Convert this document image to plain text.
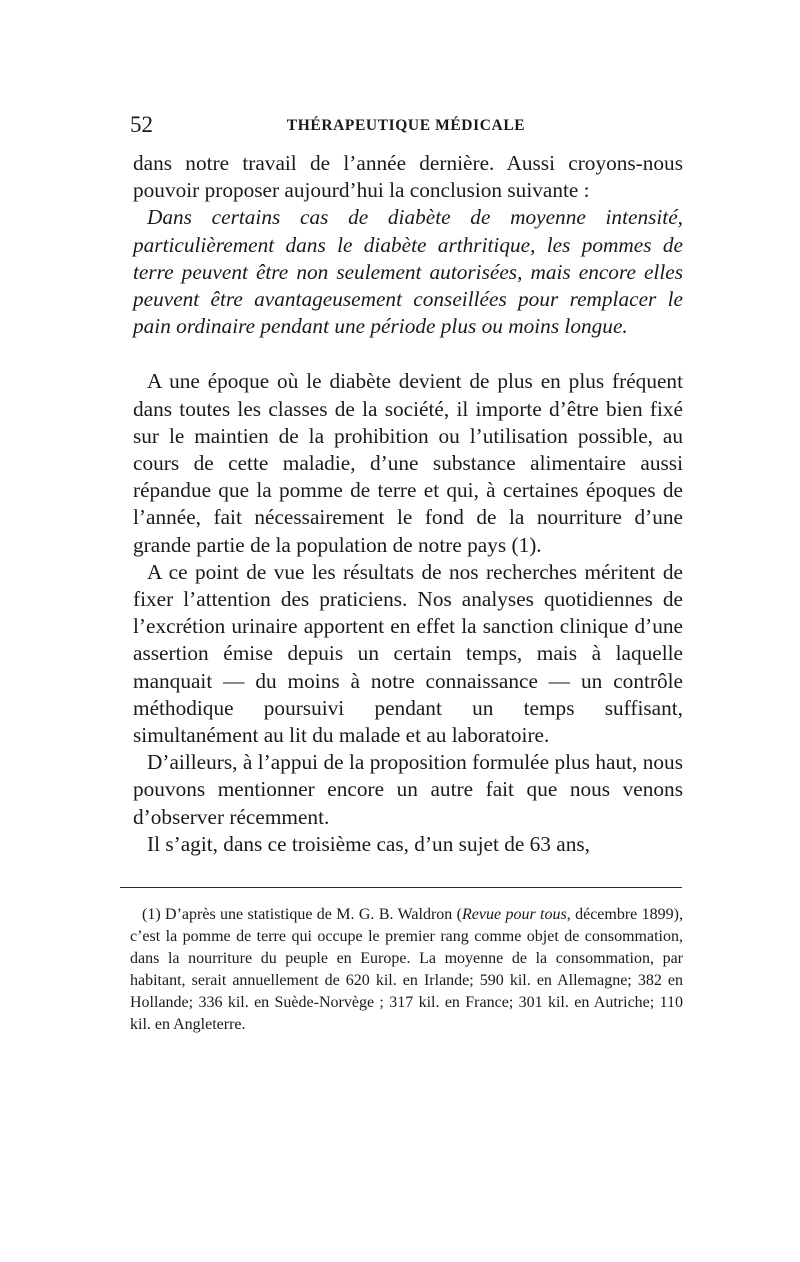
52	THÉRAPEUTIQUE MÉDICALE

dans notre travail de l’année dernière. Aussi croyons-nous pouvoir proposer aujourd’hui la conclusion suivante :

Dans certains cas de diabète de moyenne intensité, particulièrement dans le diabète arthritique, les pommes de terre peuvent être non seulement autorisées, mais encore elles peuvent être avantageusement conseillées pour remplacer le pain ordinaire pendant une période plus ou moins longue.

A une époque où le diabète devient de plus en plus fréquent dans toutes les classes de la société, il importe d’être bien fixé sur le maintien de la prohibition ou l’utilisation possible, au cours de cette maladie, d’une substance alimentaire aussi répandue que la pomme de terre et qui, à certaines époques de l’année, fait nécessairement le fond de la nourriture d’une grande partie de la population de notre pays (1).

A ce point de vue les résultats de nos recherches méritent de fixer l’attention des praticiens. Nos analyses quotidiennes de l’excrétion urinaire apportent en effet la sanction clinique d’une assertion émise depuis un certain temps, mais à laquelle manquait — du moins à notre connaissance — un contrôle méthodique poursuivi pendant un temps suffisant, simultanément au lit du malade et au laboratoire.

D’ailleurs, à l’appui de la proposition formulée plus haut, nous pouvons mentionner encore un autre fait que nous venons d’observer récemment.

Il s’agit, dans ce troisième cas, d’un sujet de 63 ans,

(1) D’après une statistique de M. G. B. Waldron (Revue pour tous, décembre 1899), c’est la pomme de terre qui occupe le premier rang comme objet de consommation, dans la nourriture du peuple en Europe. La moyenne de la consommation, par habitant, serait annuellement de 620 kil. en Irlande; 590 kil. en Allemagne; 382 en Hollande; 336 kil. en Suède-Norvège ; 317 kil. en France; 301 kil. en Autriche; 110 kil. en Angleterre.
